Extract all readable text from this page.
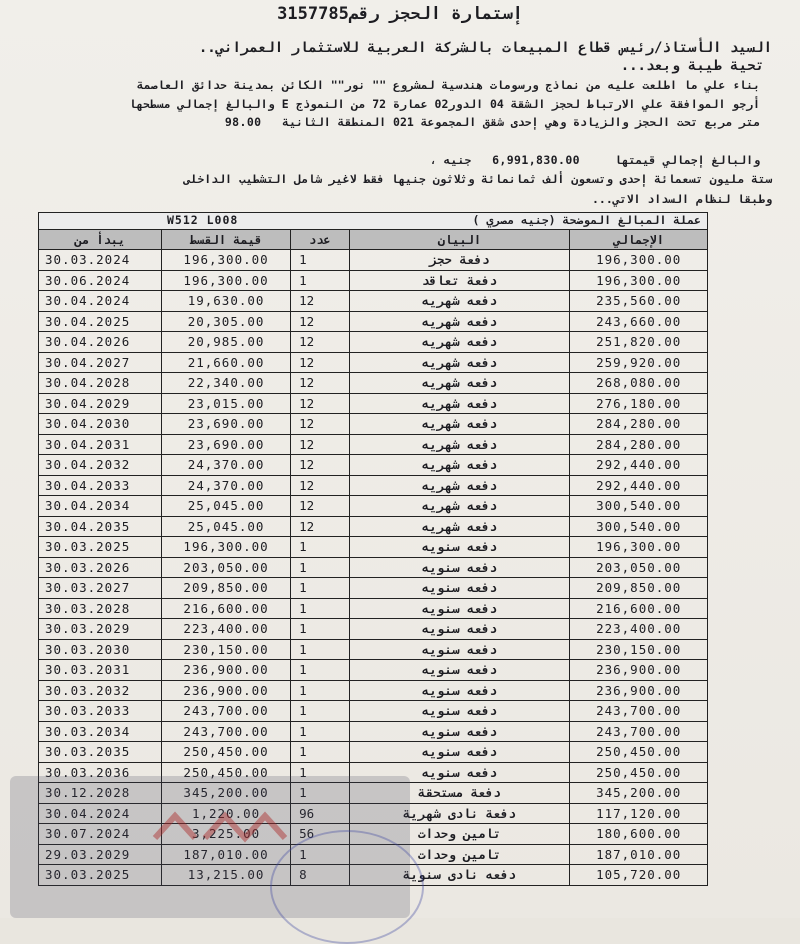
إستمارة الحجز رقم3157785
السيد الأستاذ/رئيس قطاع المبيعات بالشركة العربية للاستثمار العمراني..
تحية طيبة وبعد...
بناء علي ما اطلعت عليه من نماذج ورسومات هندسية لمشروع "" نور"" الكائن بمدينة حدائق العاصمة
أرجو الموافقة علي الارتباط لحجز الشقة 04 الدور02 عمارة 72 من النموذج E والبالغ إجمالي مسطحها
متر مربع تحت الحجز والزيادة وهي إحدى شقق المجموعة 021 المنطقة الثانية   98.00
والبالغ إجمالي قيمتها     6,991,830.00   جنيه ،
ستة مليون تسعمائة إحدى وتسعون ألف ثمانمائة وثلاثون جنيها فقط لاغير شامل التشطيب الداخلى
وطبقا لنظام السداد الاتي...
عملة المبالغ الموضحة (جنيه مصري )
W512 L008
يبدأ من	قيمة القسط	عدد	البيان	الإجمالي
30.03.2024	196,300.00	1	دفعة حجز	196,300.00
30.06.2024	196,300.00	1	دفعة تعاقد	196,300.00
30.04.2024	19,630.00	12	دفعه شهريه	235,560.00
30.04.2025	20,305.00	12	دفعه شهريه	243,660.00
30.04.2026	20,985.00	12	دفعه شهريه	251,820.00
30.04.2027	21,660.00	12	دفعه شهريه	259,920.00
30.04.2028	22,340.00	12	دفعه شهريه	268,080.00
30.04.2029	23,015.00	12	دفعه شهريه	276,180.00
30.04.2030	23,690.00	12	دفعه شهريه	284,280.00
30.04.2031	23,690.00	12	دفعه شهريه	284,280.00
30.04.2032	24,370.00	12	دفعه شهريه	292,440.00
30.04.2033	24,370.00	12	دفعه شهريه	292,440.00
30.04.2034	25,045.00	12	دفعه شهريه	300,540.00
30.04.2035	25,045.00	12	دفعه شهريه	300,540.00
30.03.2025	196,300.00	1	دفعه سنويه	196,300.00
30.03.2026	203,050.00	1	دفعه سنويه	203,050.00
30.03.2027	209,850.00	1	دفعه سنويه	209,850.00
30.03.2028	216,600.00	1	دفعه سنويه	216,600.00
30.03.2029	223,400.00	1	دفعه سنويه	223,400.00
30.03.2030	230,150.00	1	دفعه سنويه	230,150.00
30.03.2031	236,900.00	1	دفعه سنويه	236,900.00
30.03.2032	236,900.00	1	دفعه سنويه	236,900.00
30.03.2033	243,700.00	1	دفعه سنويه	243,700.00
30.03.2034	243,700.00	1	دفعه سنويه	243,700.00
30.03.2035	250,450.00	1	دفعه سنويه	250,450.00
30.03.2036	250,450.00	1	دفعه سنويه	250,450.00
30.12.2028	345,200.00	1	دفعة مستحقة	345,200.00
30.04.2024	1,220.00	96	دفعة نادى شهرية	117,120.00
30.07.2024	3,225.00	56	تامين وحدات	180,600.00
29.03.2029	187,010.00	1	تامين وحدات	187,010.00
30.03.2025	13,215.00	8	دفعه نادى سنوية	105,720.00
